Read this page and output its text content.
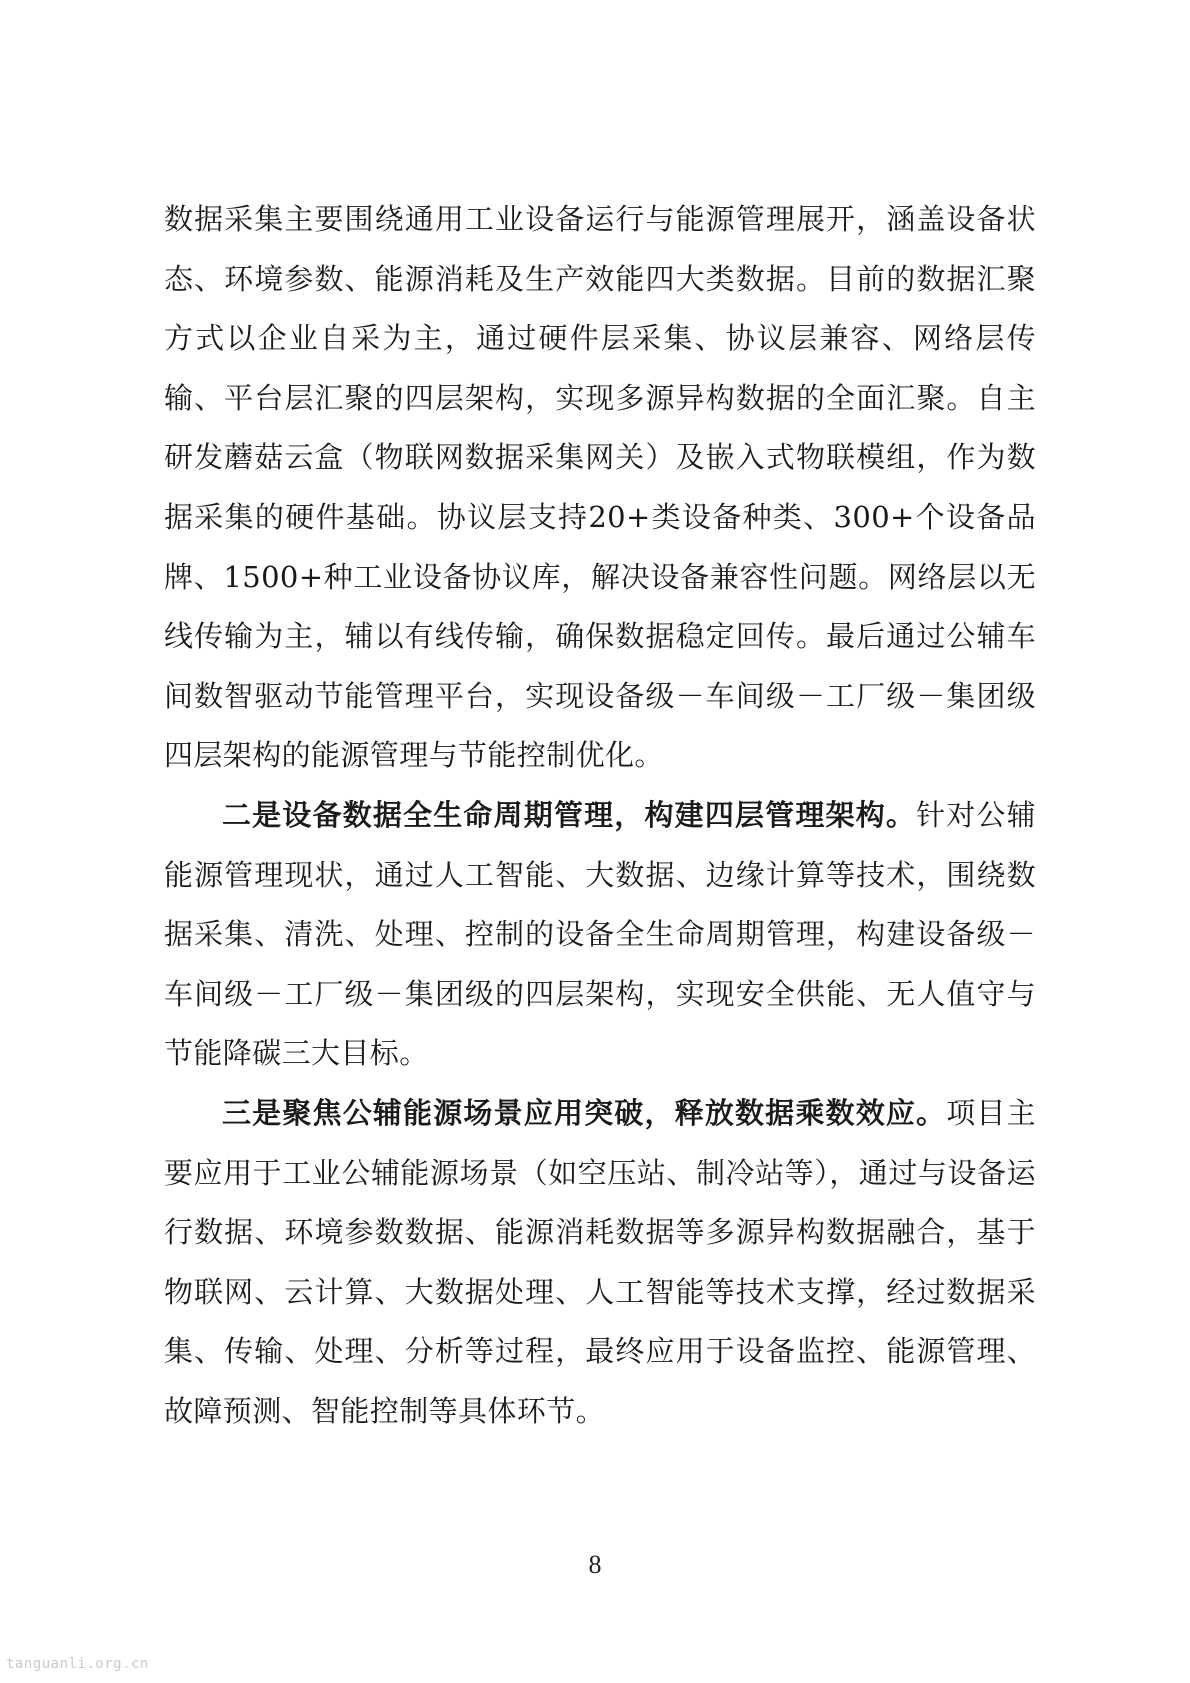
数据采集主要围绕通用工业设备运行与能源管理展开，涵盖设备状态、环境参数、能源消耗及生产效能四大类数据。目前的数据汇聚方式以企业自采为主，通过硬件层采集、协议层兼容、网络层传输、平台层汇聚的四层架构，实现多源异构数据的全面汇聚。自主研发蘑菇云盒（物联网数据采集网关）及嵌入式物联模组，作为数据采集的硬件基础。协议层支持20+类设备种类、300+个设备品牌、1500+种工业设备协议库，解决设备兼容性问题。网络层以无线传输为主，辅以有线传输，确保数据稳定回传。最后通过公辅车间数智驱动节能管理平台，实现设备级－车间级－工厂级－集团级四层架构的能源管理与节能控制优化。

二是设备数据全生命周期管理，构建四层管理架构。针对公辅能源管理现状，通过人工智能、大数据、边缘计算等技术，围绕数据采集、清洗、处理、控制的设备全生命周期管理，构建设备级－车间级－工厂级－集团级的四层架构，实现安全供能、无人值守与节能降碳三大目标。

三是聚焦公辅能源场景应用突破，释放数据乘数效应。项目主要应用于工业公辅能源场景（如空压站、制冷站等），通过与设备运行数据、环境参数数据、能源消耗数据等多源异构数据融合，基于物联网、云计算、大数据处理、人工智能等技术支撑，经过数据采集、传输、处理、分析等过程，最终应用于设备监控、能源管理、故障预测、智能控制等具体环节。

8
tanguanli.org.cn
